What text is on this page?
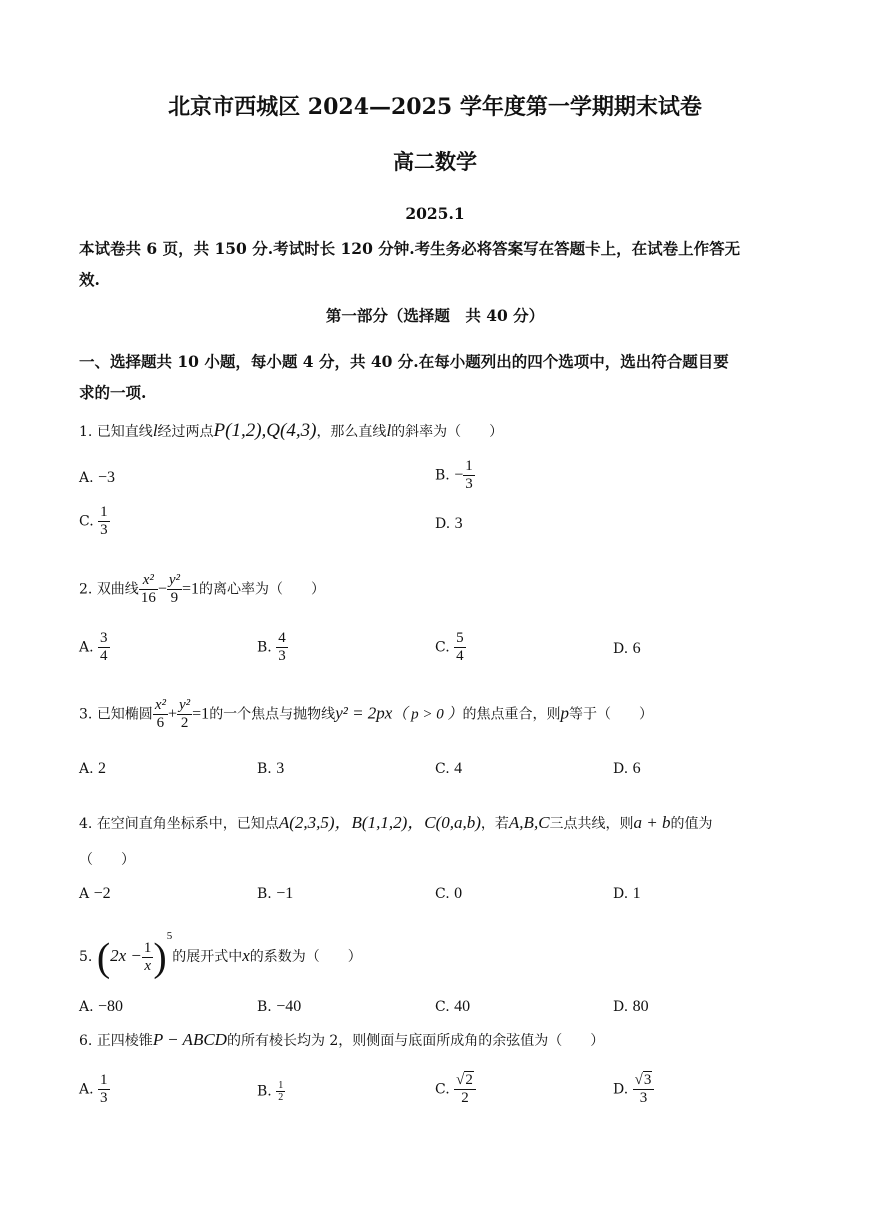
北京市西城区 2024—2025 学年度第一学期期末试卷
高二数学
2025.1
本试卷共 6 页，共 150 分.考试时长 120 分钟.考生务必将答案写在答题卡上，在试卷上作答无
效.
第一部分（选择题　共 40 分）
一、选择题共 10 小题，每小题 4 分，共 40 分.在每小题列出的四个选项中，选出符合题目要
求的一项.
1. 已知直线l经过两点P(1,2),Q(4,3)，那么直线l的斜率为（　　）
A. −3	B. − $\frac{1}{3}$
C. $\frac{1}{3}$	D. 3
2. 双曲线 $\frac{\text{x²}}{16} - \frac{\text{y²}}{9} =1$的离心率为（　　）
A. $\frac{3}{4}$	B. $\frac{4}{3}$	C. $\frac{5}{4}$	D. 6
3. 已知椭圆 $\frac{\text{x²}}{6} + \frac{\text{y²}}{2} =1$的一个焦点与抛物线y² = 2px（ p > 0 ）的焦点重合，则p等于（　　）
A. 2	B. 3	C. 4	D. 6
4. 在空间直角坐标系中，已知点A(2,3,5)，B(1,1,2)，C(0,a,b)，若A,B,C三点共线，则a + b的值为
（　　）
A −2	B. −1	C. 0	D. 1
5. $(2x - \frac{1}{x} )^5$的展开式中x的系数为（　　）
A. −80	B. −40	C. 40	D. 80
6. 正四棱锥P − ABCD的所有棱长均为 2，则侧面与底面所成角的余弦值为（　　）
A. $\frac{1}{3}$	B. $\frac{1}{2}$	C. $\frac{√2}{2}$	D. $\frac{√3}{3}$
